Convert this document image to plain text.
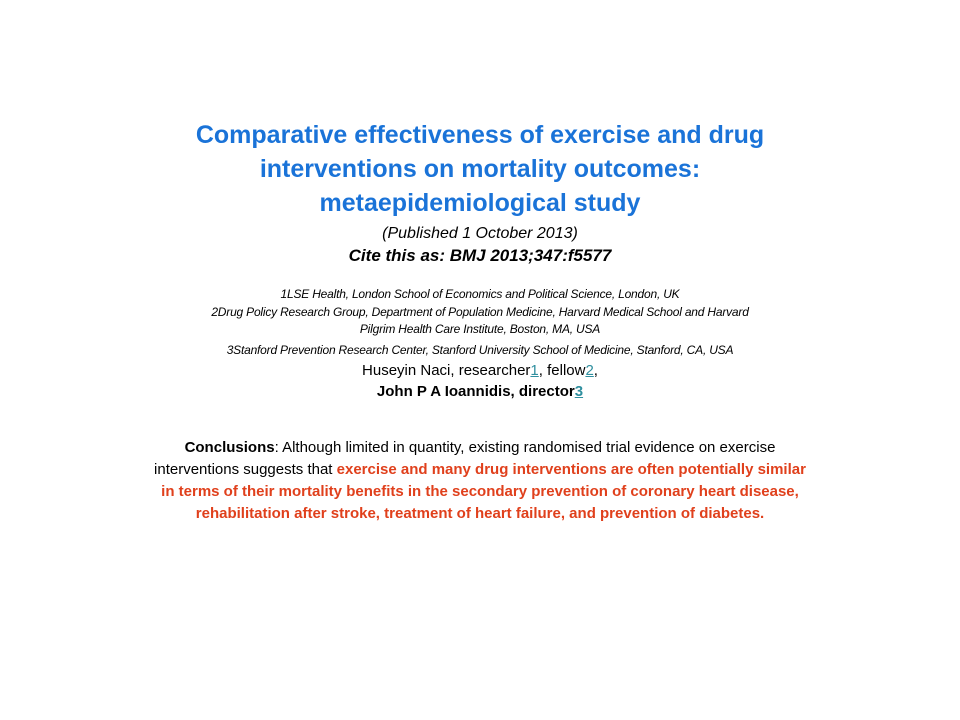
Comparative effectiveness of exercise and drug
interventions on mortality outcomes:
metaepidemiological study
(Published 1 October 2013)
Cite this as: BMJ 2013;347:f5577
1LSE Health, London School of Economics and Political Science, London, UK
2Drug Policy Research Group, Department of Population Medicine, Harvard Medical School and Harvard
Pilgrim Health Care Institute, Boston, MA, USA
3Stanford Prevention Research Center, Stanford University School of Medicine, Stanford, CA, USA
Huseyin Naci, researcher1, fellow2,
John P A Ioannidis, director3
Conclusions: Although limited in quantity, existing randomised trial evidence on exercise interventions suggests that exercise and many drug interventions are often potentially similar in terms of their mortality benefits in the secondary prevention of coronary heart disease, rehabilitation after stroke, treatment of heart failure, and prevention of diabetes.
